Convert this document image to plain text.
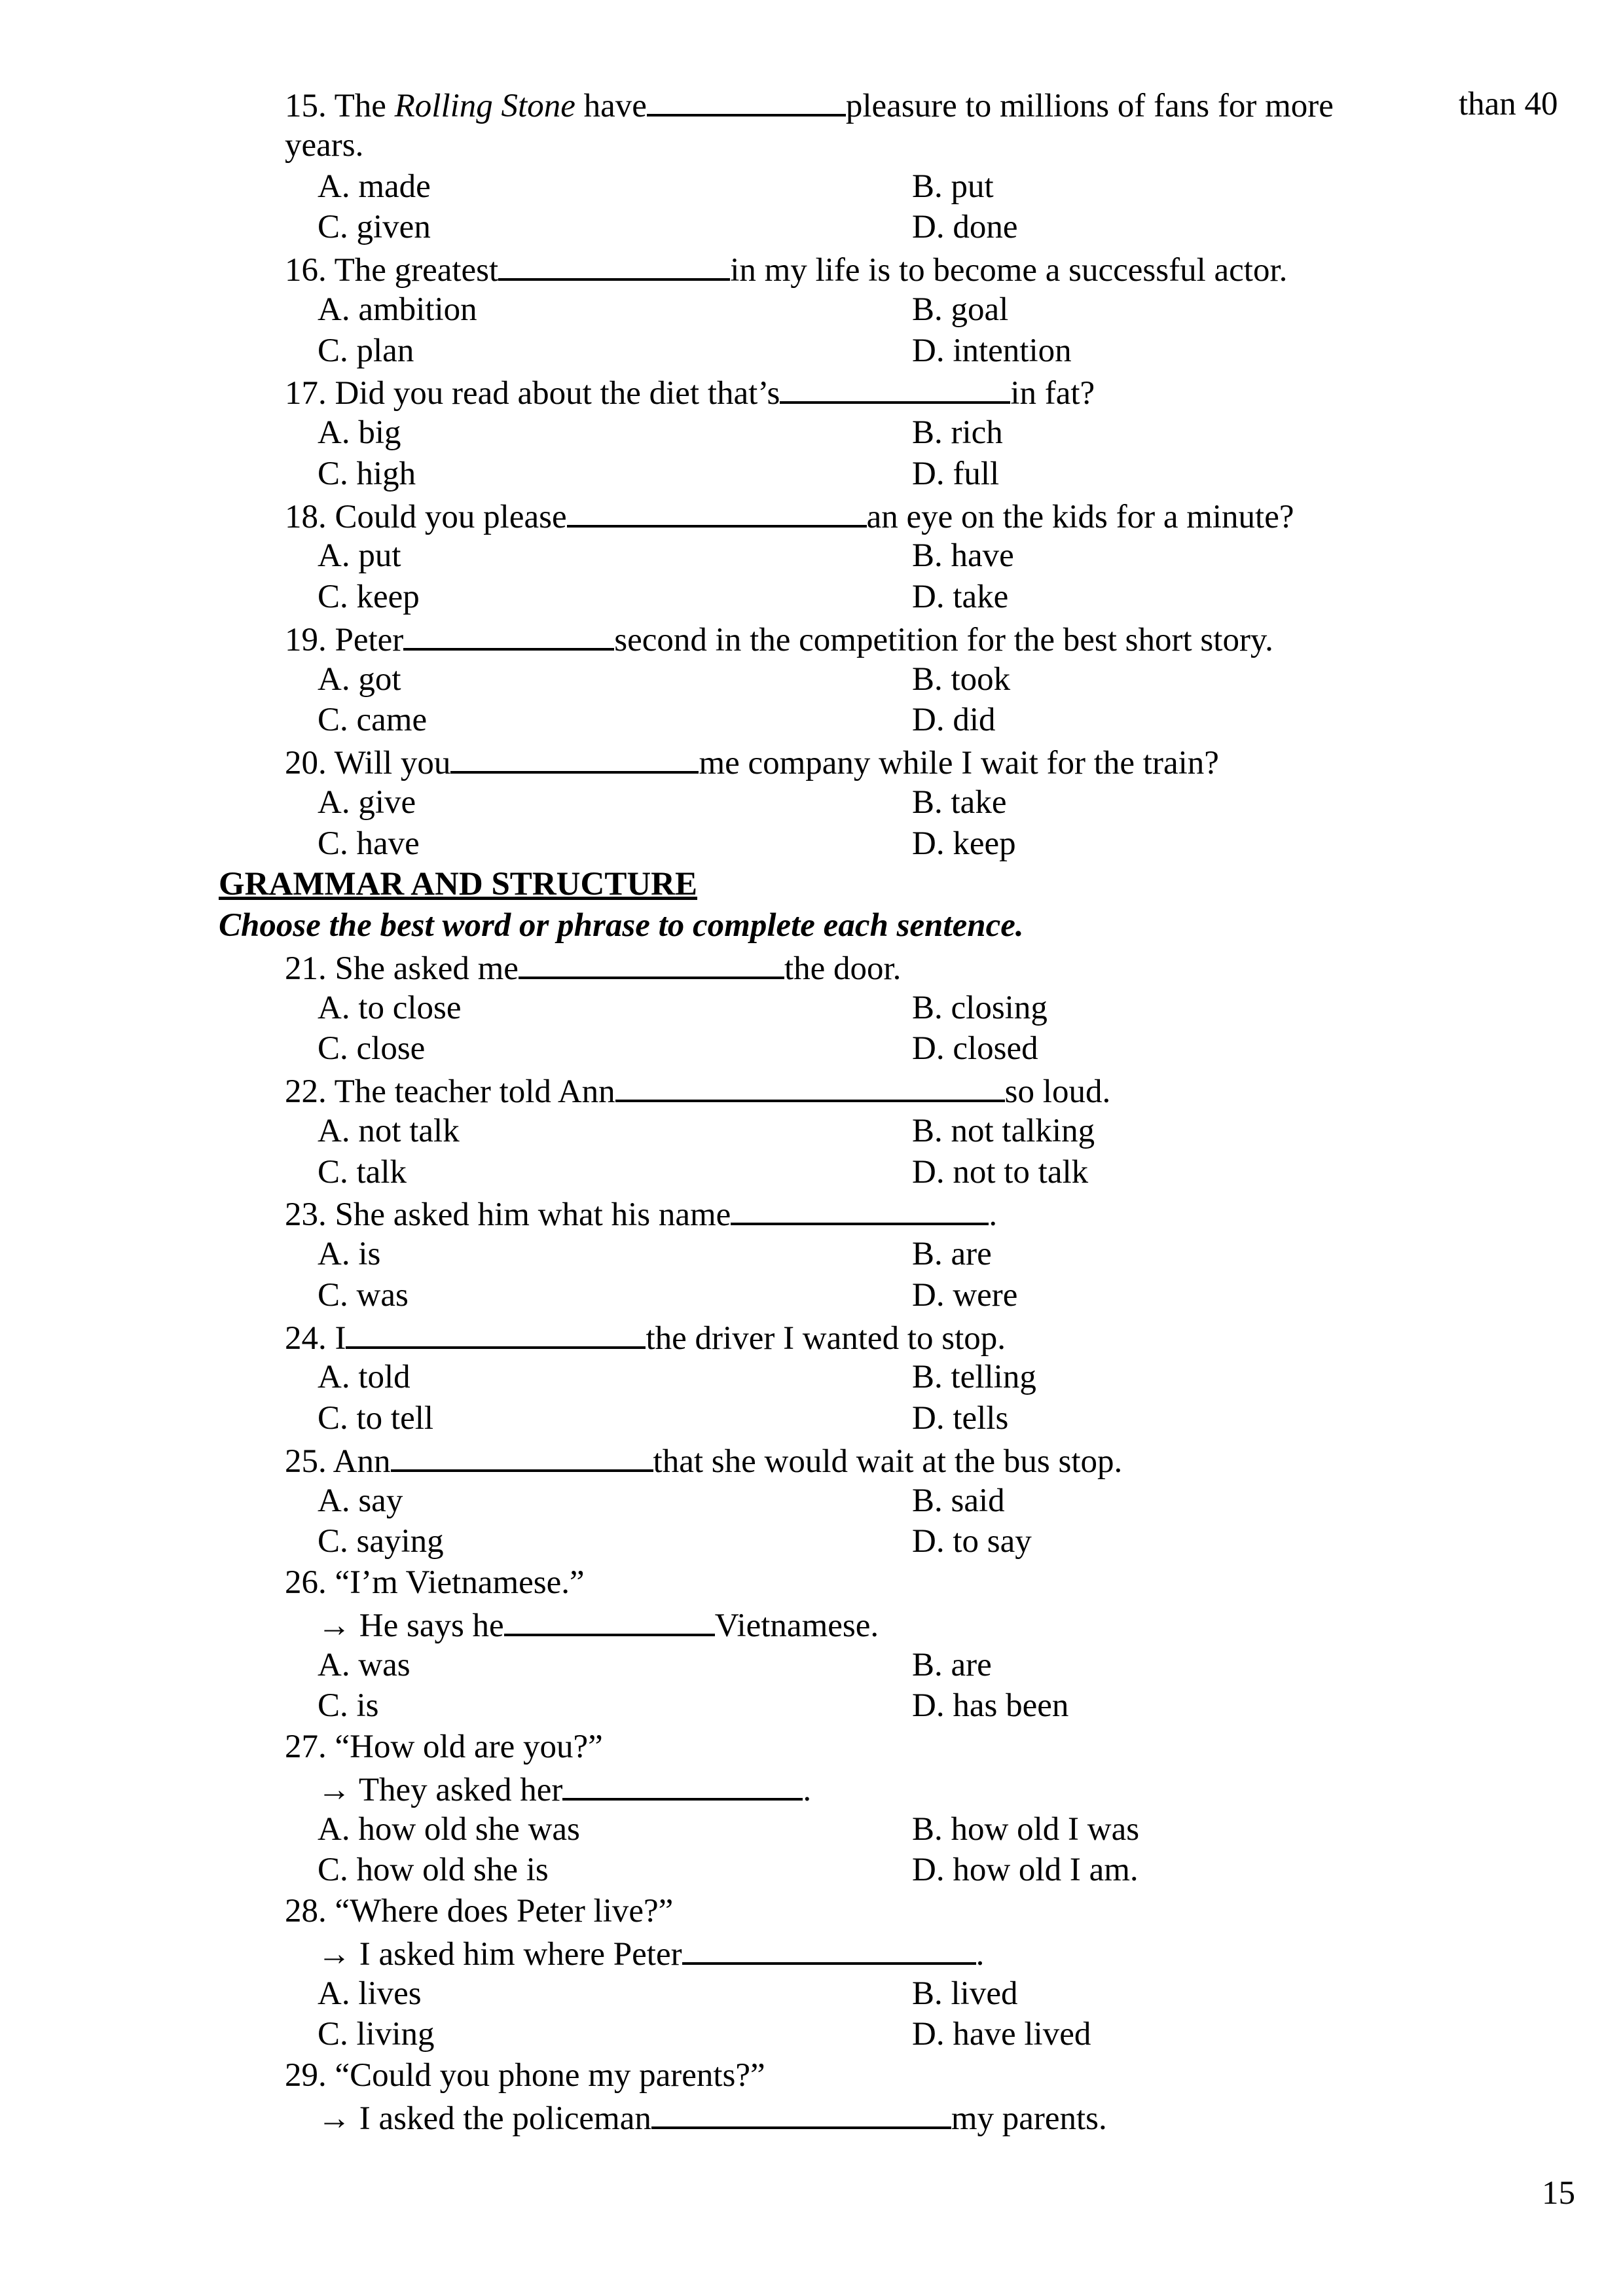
15. The Rolling Stone have	pleasure to millions of fans for more	than 40
years.
A. made	B. put
C. given	D. done
16. The greatest	in my life is to become a successful actor.
A. ambition	B. goal
C. plan	D. intention
17. Did you read about the diet that’s	in fat?
A. big	B. rich
C. high	D. full
18. Could you please	an eye on the kids for a minute?
A. put	B. have
C. keep	D. take
19. Peter	second in the competition for the best short story.
A. got	B. took
C. came	D. did
20. Will you	me company while I wait for the train?
A. give	B. take
C. have	D. keep
GRAMMAR AND STRUCTURE
Choose the best word or phrase to complete each sentence.
21. She asked me	the door.
A. to close	B. closing
C. close	D. closed
22. The teacher told Ann	so loud.
A. not talk	B. not talking
C. talk	D. not to talk
23. She asked him what his name	.
A. is	B. are
C. was	D. were
24. I	the driver I wanted to stop.
A. told	B. telling
C. to tell	D. tells
25. Ann	that she would wait at the bus stop.
A. say	B. said
C. saying	D. to say
26. “I’m Vietnamese.”
→ He says he	Vietnamese.
A. was	B. are
C. is	D. has been
27. “How old are you?”
→ They asked her	.
A. how old she was	B. how old I was
C. how old she is	D. how old I am.
28. “Where does Peter live?”
→ I asked him where Peter	.
A. lives	B. lived
C. living	D. have lived
29. “Could you phone my parents?”
→ I asked the policeman	my parents.
15
